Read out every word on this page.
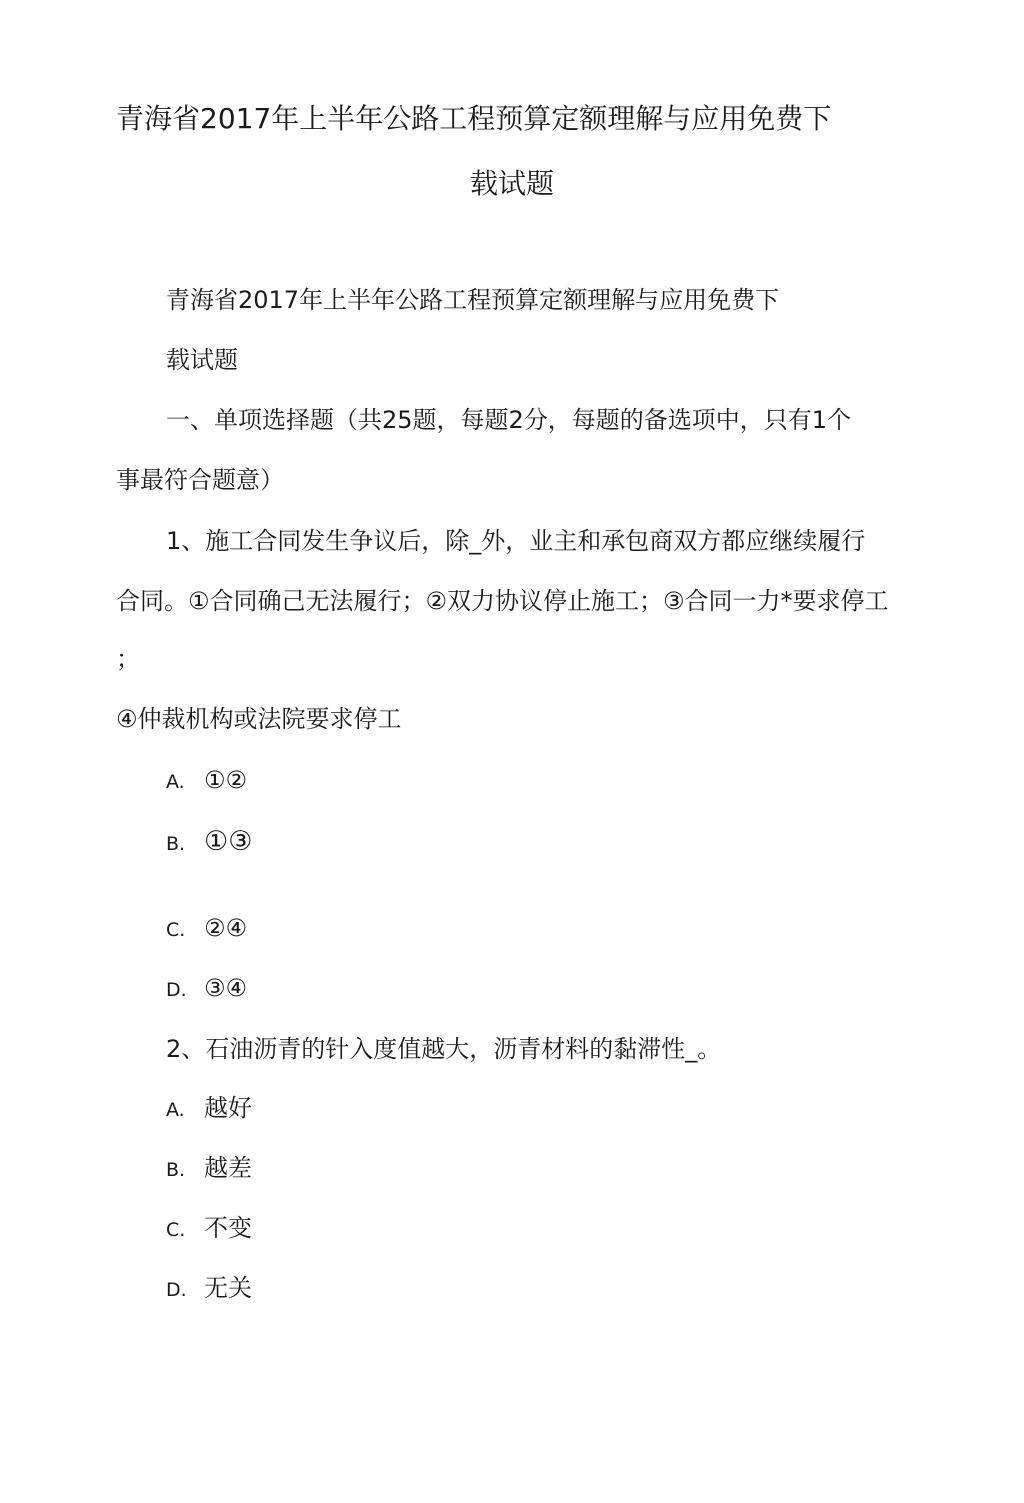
青海省2017年上半年公路工程预算定额理解与应用免费下
载试题
青海省2017年上半年公路工程预算定额理解与应用免费下
载试题
一、单项选择题（共25题，每题2分，每题的备选项中，只有1个
事最符合题意）
1、施工合同发生争议后，除_外，业主和承包商双方都应继续履行
合同。①合同确己无法履行；②双力协议停止施工；③合同一力*要求停工
；
④仲裁机构或法院要求停工
A. ①②
B. ①③
C. ②④
D. ③④
2、石油沥青的针入度值越大，沥青材料的黏滞性_。
A. 越好
B. 越差
C. 不变
D. 无关
